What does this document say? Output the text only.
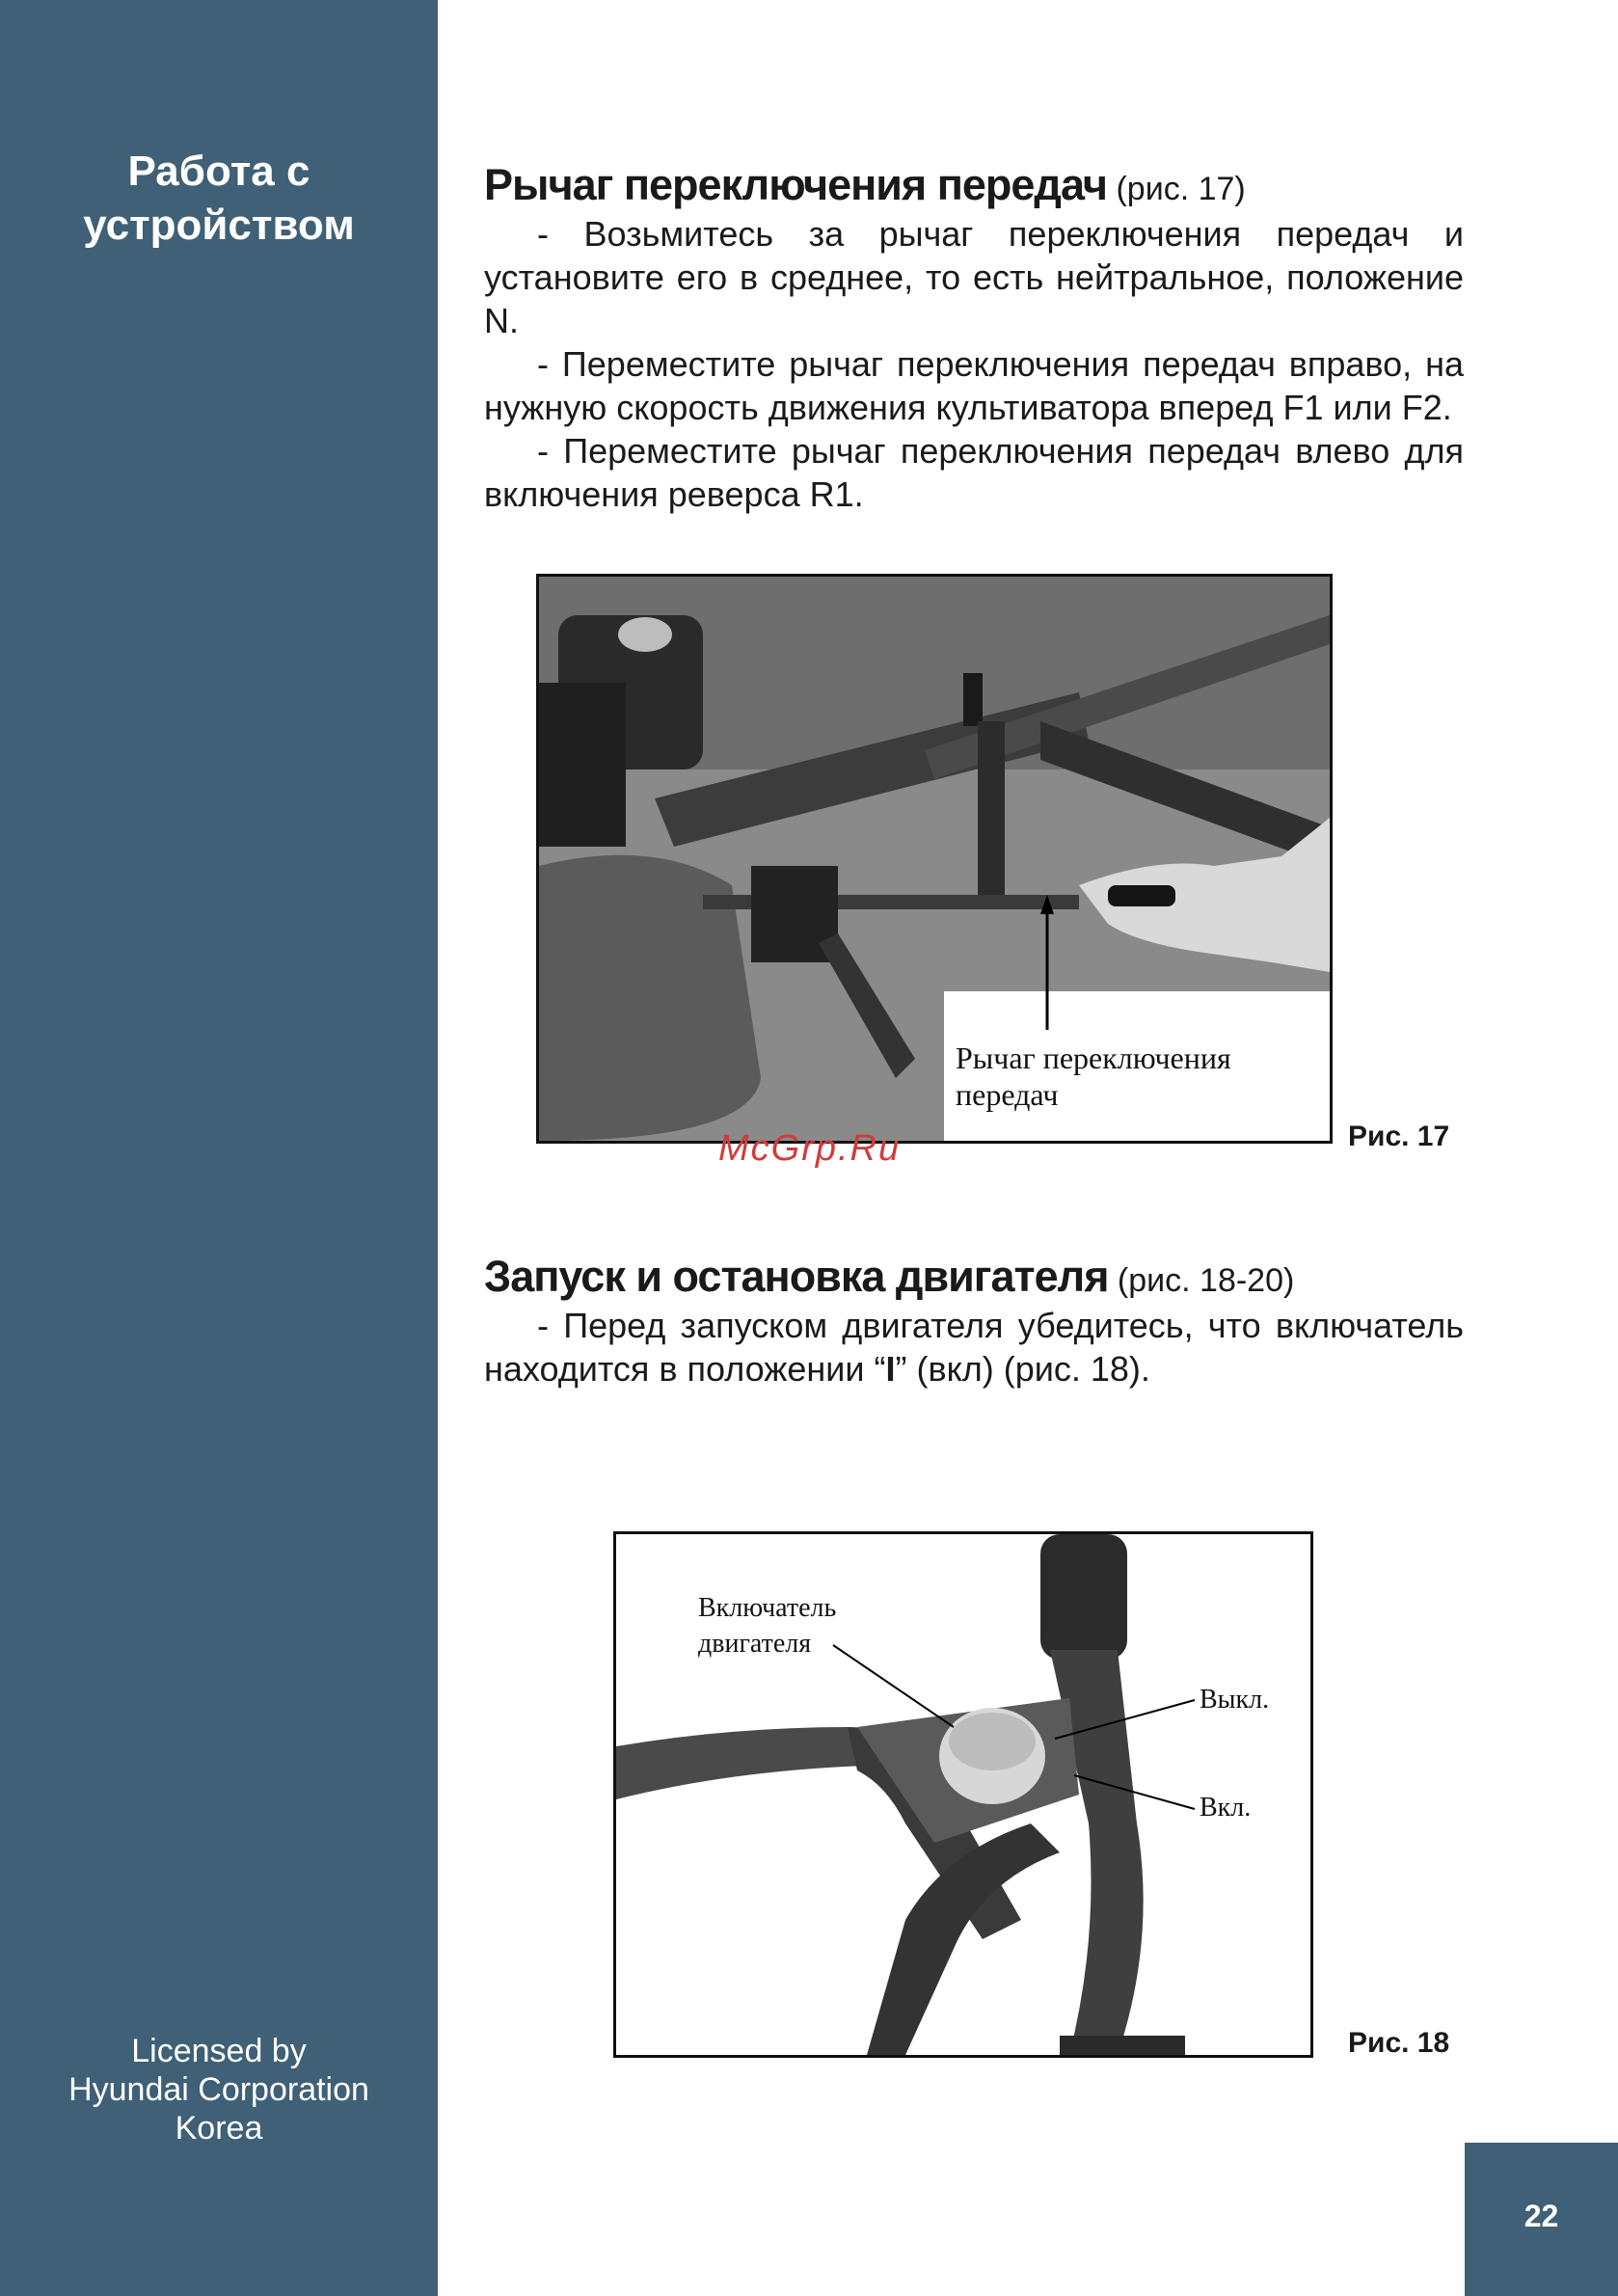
Работа с
устройством
Licensed by
Hyundai Corporation
Korea
22
Рычаг переключения передач (рис. 17)

- Возьмитесь за рычаг переключения передач и установите его в среднее, то есть нейтральное, положение N.

- Переместите рычаг переключения передач вправо, на нужную скорость движения культиватора вперед F1 или F2.

- Переместите рычаг переключения передач влево для включения реверса R1.

Рычаг переключения
передач
Рис. 17
McGrp.Ru
Запуск и остановка двигателя (рис. 18-20)

- Перед запуском двигателя убедитесь, что включатель находится в положении “I” (вкл) (рис. 18).

Включатель
двигателя
Выкл.
Вкл.
Рис. 18
